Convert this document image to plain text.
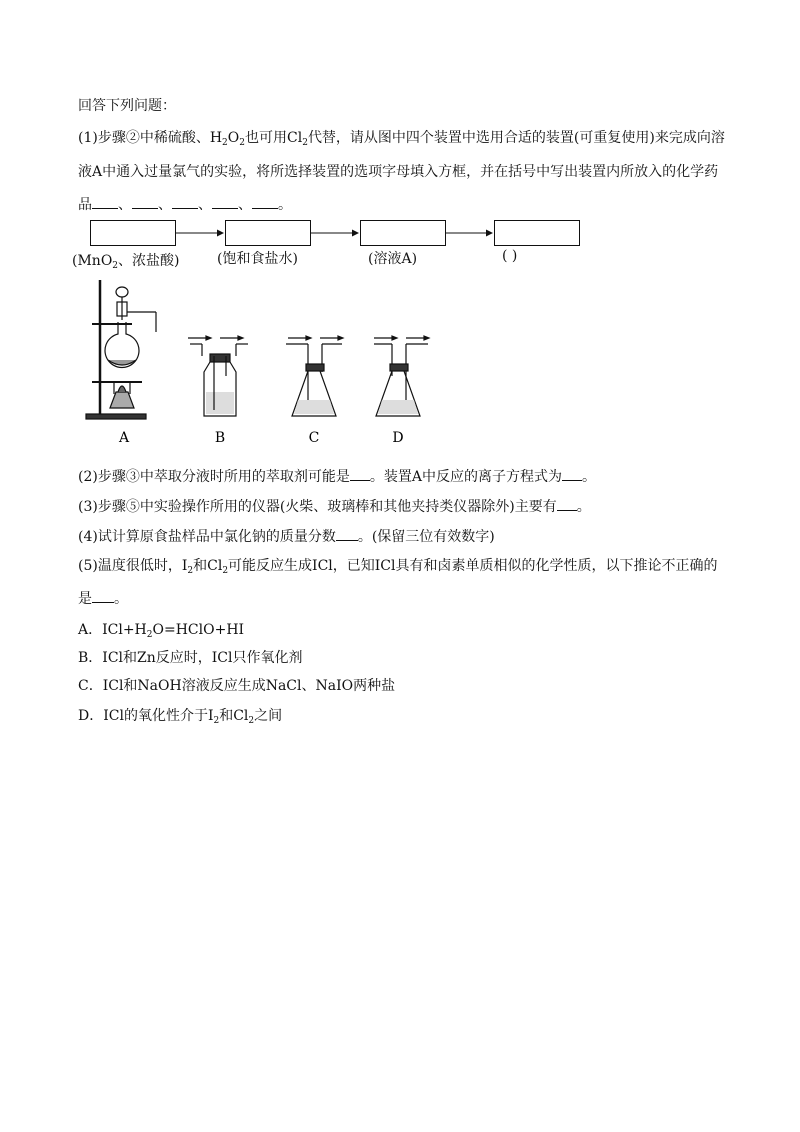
回答下列问题：
(1)步骤②中稀硫酸、$H_2O_2$也可用$Cl_2$代替，请从图中四个装置中选用合适的装置(可重复使用)来完成向溶
液A中通入过量氯气的实验，将所选择装置的选项字母填入方框，并在括号中写出装置内所放入的化学药
品 、 、 、 、 。
(MnO$_2$、浓盐酸)	(饱和食盐水)	(溶液A)	( )
A	B	C	D
(2)步骤③中萃取分液时所用的萃取剂可能是 。装置A中反应的离子方程式为 。
(3)步骤⑤中实验操作所用的仪器(火柴、玻璃棒和其他夹持类仪器除外)主要有 。
(4)试计算原食盐样品中氯化钠的质量分数 。(保留三位有效数字)
(5)温度很低时，$I_2$和$Cl_2$可能反应生成ICl，已知ICl具有和卤素单质相似的化学性质，以下推论不正确的
是 。
A．$ICl+H_2O=HClO+HI$
B．ICl和Zn反应时，ICl只作氧化剂
C．ICl和NaOH溶液反应生成NaCl、NaIO两种盐
D．ICl的氧化性介于$I_2$和$Cl_2$之间
